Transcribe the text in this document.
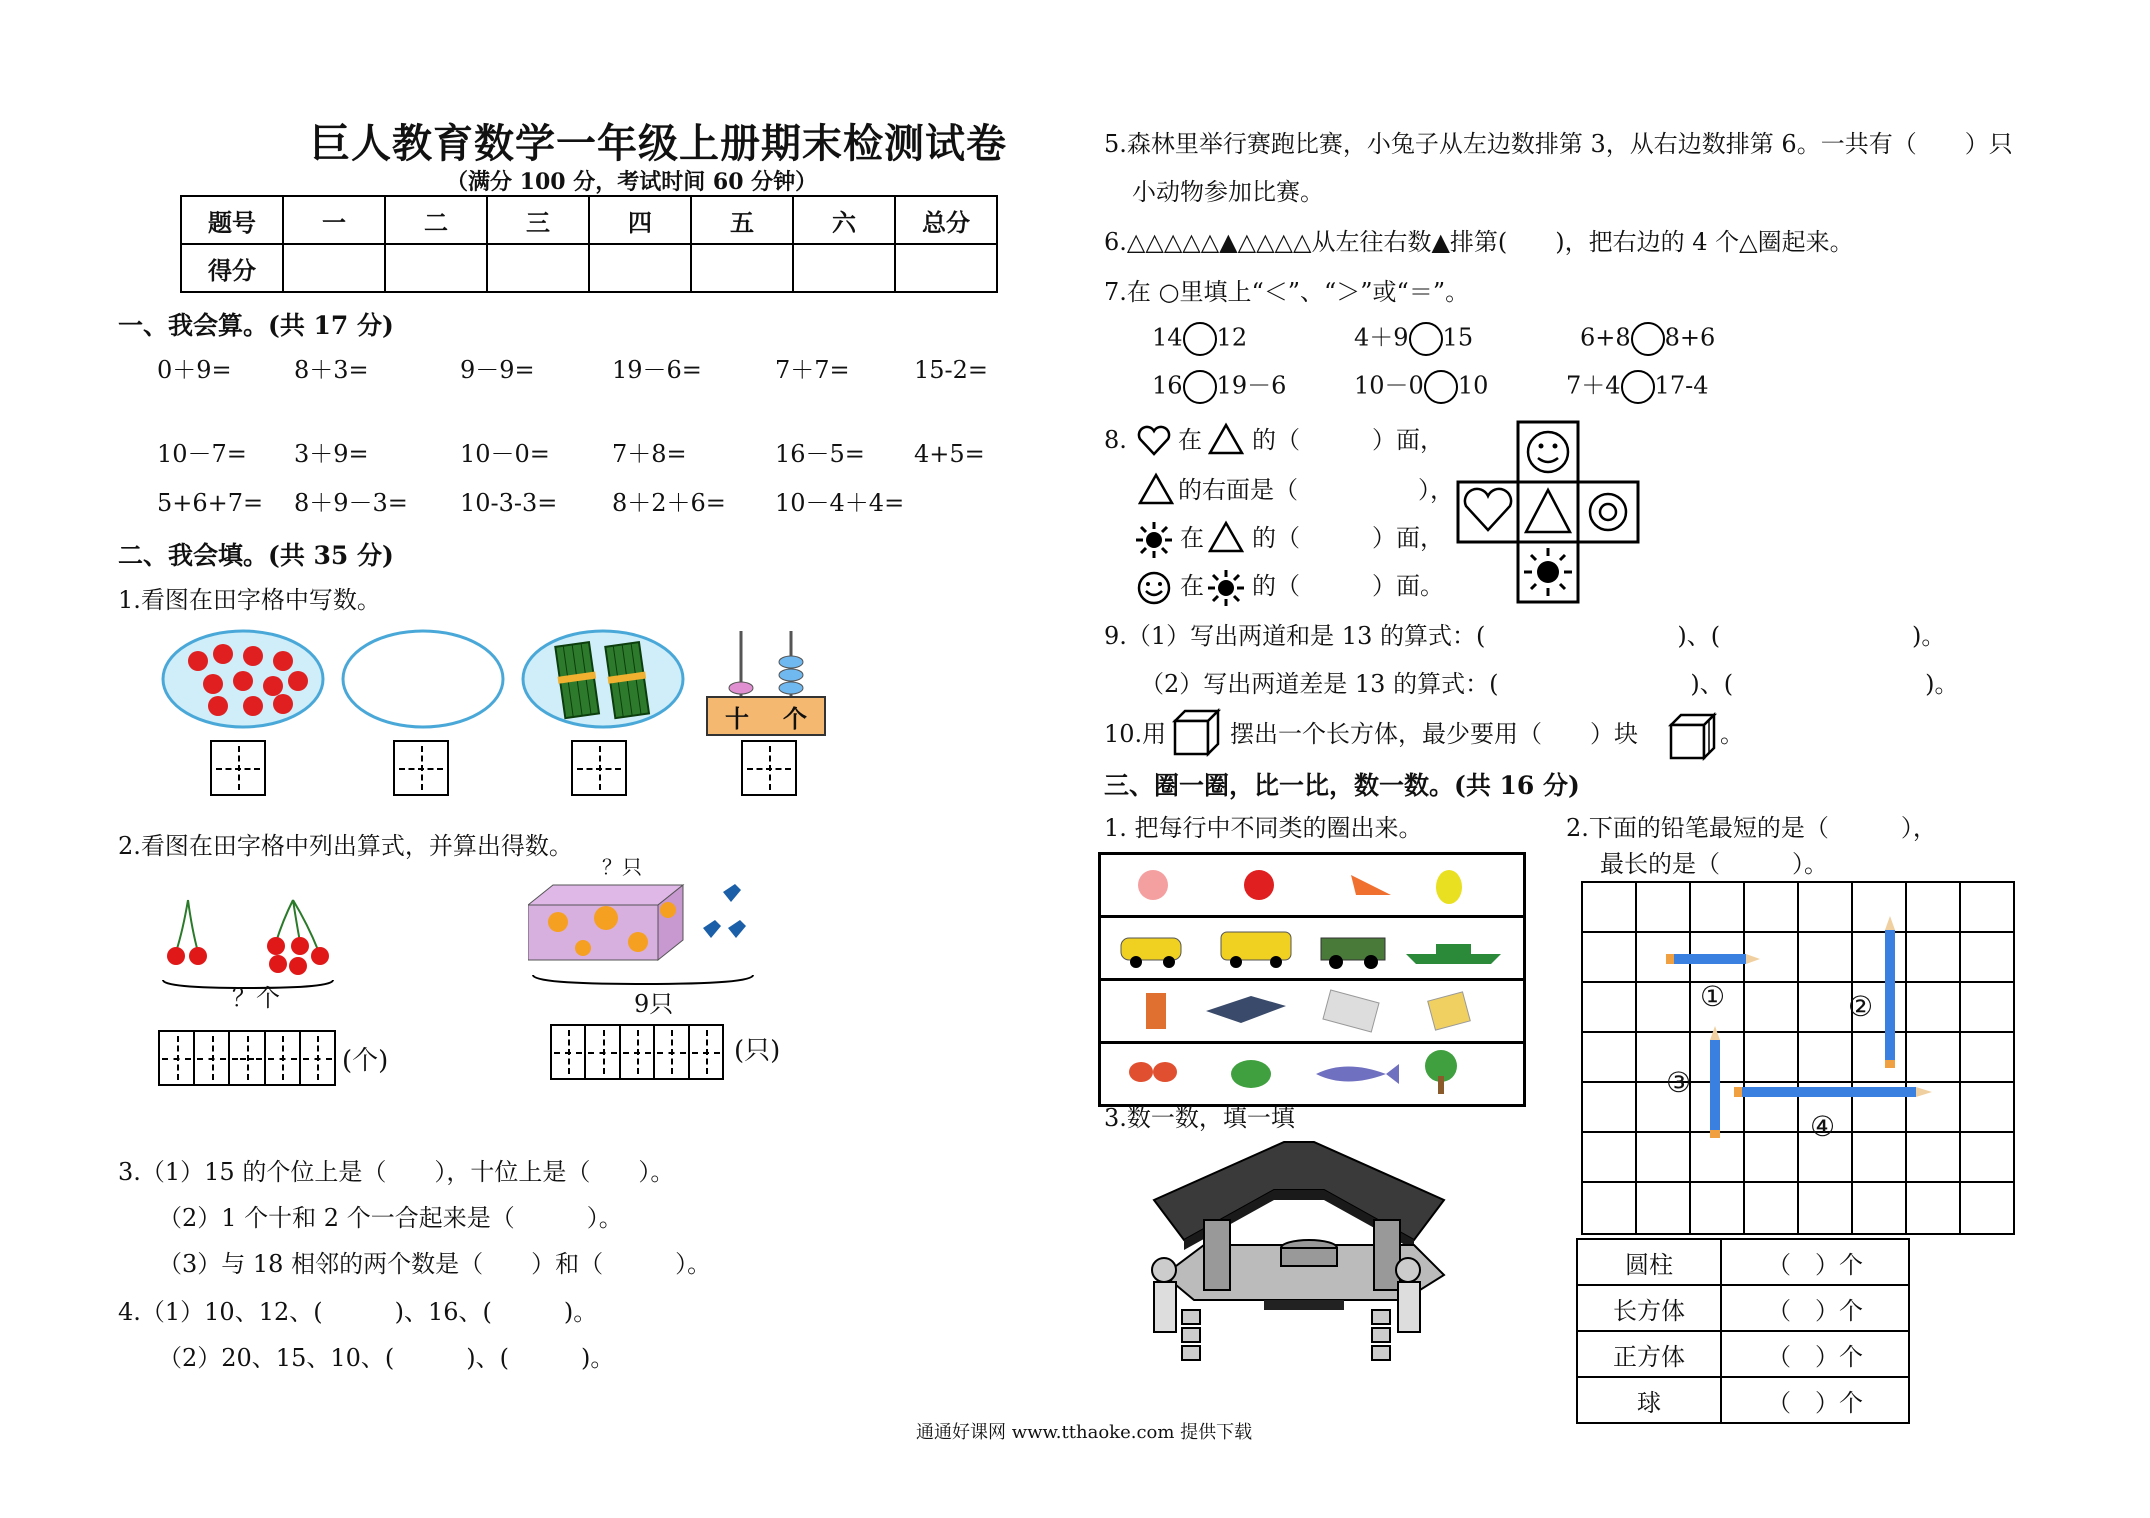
巨人教育数学一年级上册期末检测试卷
（满分 100 分，考试时间 60 分钟）
题号	一	二	三	四	五	六	总分
得分							
一、我会算。(共 17 分)
0＋9=	8＋3=	9－9=	19－6=	7＋7=	15-2=
10－7= 3＋9=	10－0=	7＋8=	16－5= 4+5=
5+6+7= 8＋9－3= 10-3-3= 8＋2＋6= 10－4＋4=
二、我会填。(共 35 分)
1.看图在田字格中写数。
十 个
2.看图在田字格中列出算式，并算出得数。
？个
(个)
？只
9只
(只)
3.（1）15 的个位上是（　　），十位上是（　　）。
（2）1 个十和 2 个一合起来是（　　　）。
（3）与 18 相邻的两个数是（　　）和（　　　）。
4.（1）10、12、(　　　)、16、(　　　)。
（2）20、15、10、(　　　)、(　　　)。
5.森林里举行赛跑比赛，小兔子从左边数排第 3，从右边数排第 6。一共有（　　）只
小动物参加比赛。
6.△△△△△▲△△△△从左往右数▲排第(　　)，把右边的 4 个△圈起来。
7.在 ○里填上“＜”、“＞”或“＝”。
14 12	4＋9 15	6+8 8+6
16 19－6	10－0 10	7＋4 17-4
8. 在 的（　　　）面，
的右面是（　　　　　），
在 的（　　　）面，
在 的（　　　）面。
9.（1）写出两道和是 13 的算式：(　　　　　　　　)、(　　　　　　　　)。
（2）写出两道差是 13 的算式：(　　　　　　　　)、(　　　　　　　　)。
10.用	摆出一个长方体，最少要用（　　）块	。
三、圈一圈，比一比，数一数。(共 16 分)
1. 把每行中不同类的圈出来。	2.下面的铅笔最短的是（　　　），
最长的是（　　　）。

①	②
③
④
3.数一数，填一填
圆柱	（　）个
长方体	（　）个
正方体	（　）个
球	（　）个
通通好课网 www.tthaoke.com 提供下载
